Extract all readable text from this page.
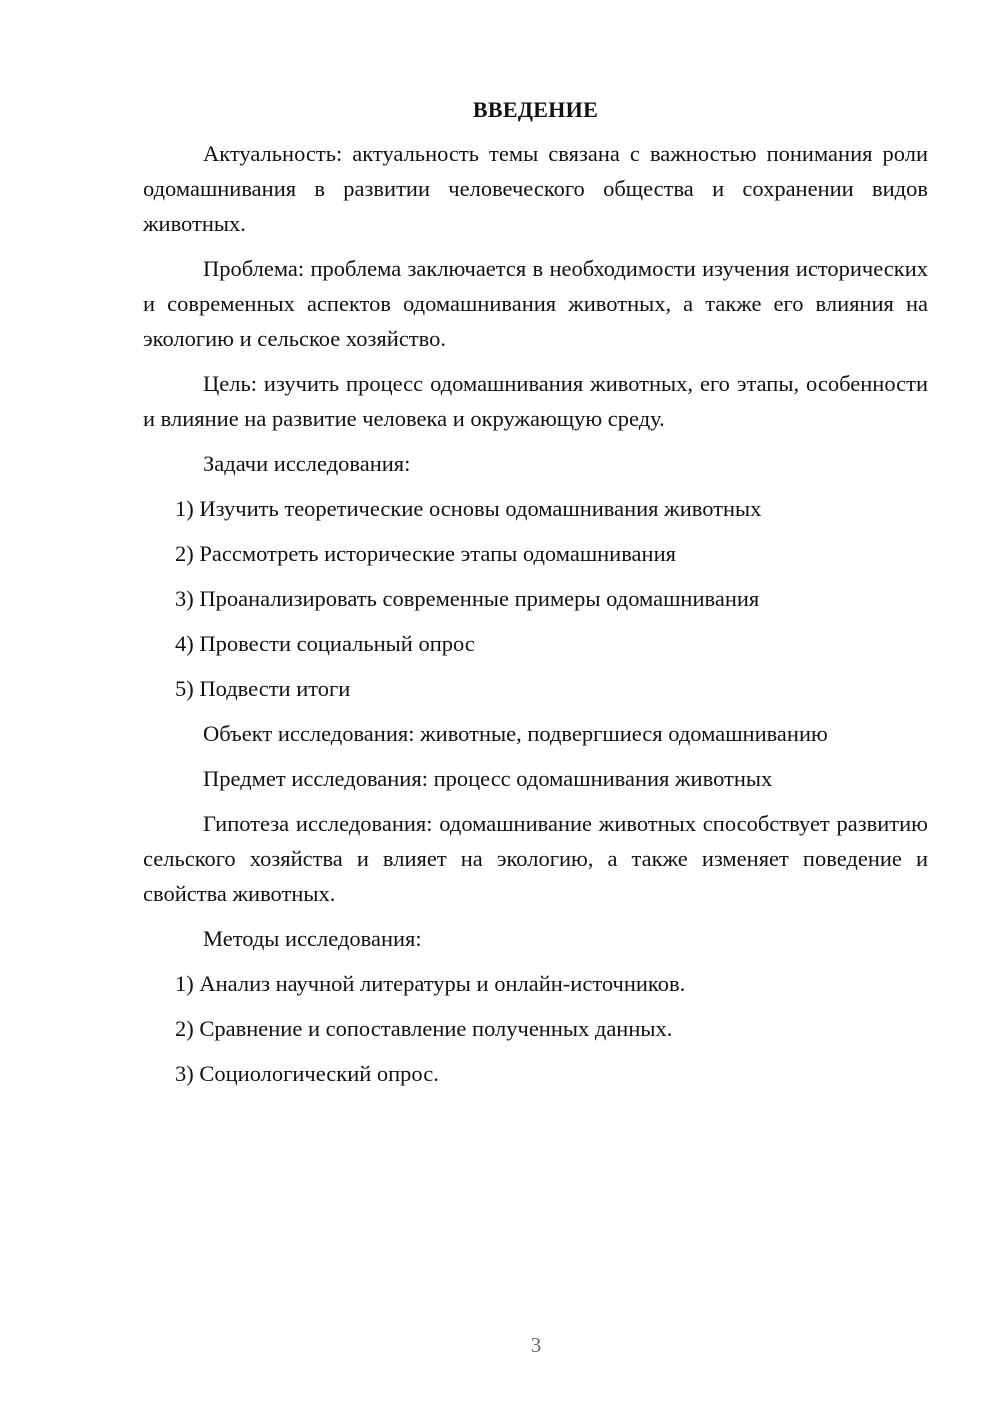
ВВЕДЕНИЕ

Актуальность: актуальность темы связана с важностью понимания роли одомашнивания в развитии человеческого общества и сохранении видов животных.

Проблема: проблема заключается в необходимости изучения исторических и современных аспектов одомашнивания животных, а также его влияния на экологию и сельское хозяйство.

Цель: изучить процесс одомашнивания животных, его этапы, особенности и влияние на развитие человека и окружающую среду.

Задачи исследования:
1) Изучить теоретические основы одомашнивания животных
2) Рассмотреть исторические этапы одомашнивания
3) Проанализировать современные примеры одомашнивания
4) Провести социальный опрос
5) Подвести итоги
Объект исследования: животные, подвергшиеся одомашниванию
Предмет исследования: процесс одомашнивания животных

Гипотеза исследования: одомашнивание животных способствует развитию сельского хозяйства и влияет на экологию, а также изменяет поведение и свойства животных.

Методы исследования:
1) Анализ научной литературы и онлайн-источников.
2) Сравнение и сопоставление полученных данных.
3) Социологический опрос.
3
